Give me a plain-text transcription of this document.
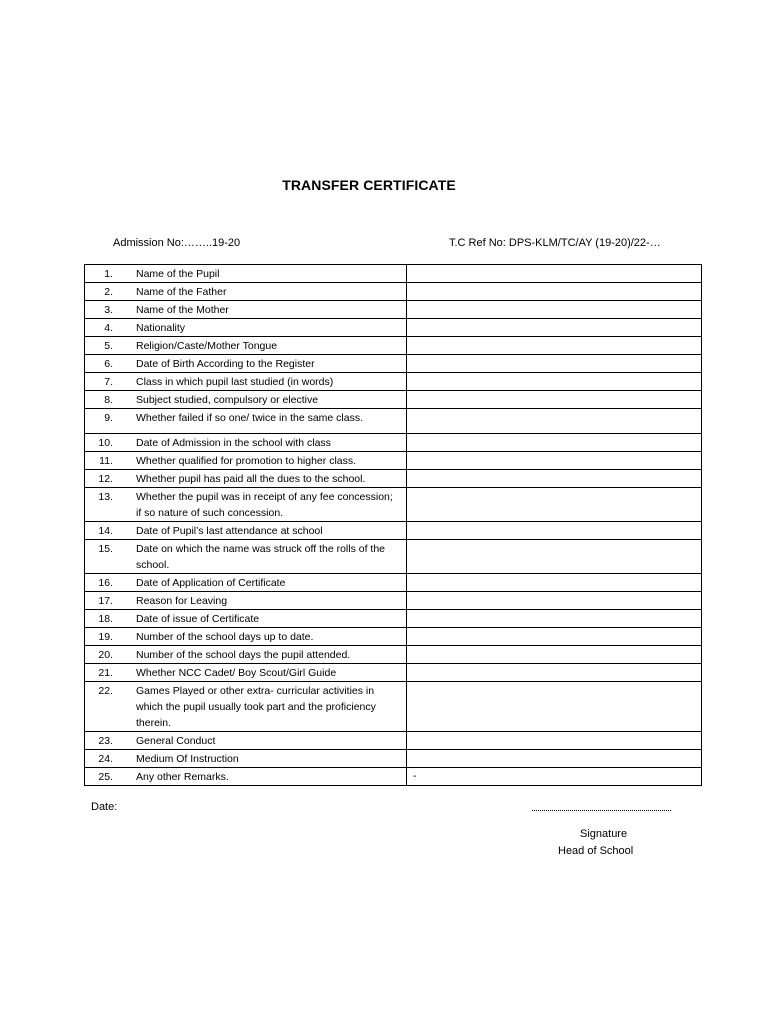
TRANSFER CERTIFICATE
Admission No:……..19-20	T.C Ref No: DPS-KLM/TC/AY (19-20)/22-…
1. Name of the Pupil	

2. Name of the Father	

3. Name of the Mother	

4. Nationality	

5. Religion/Caste/Mother Tongue	

6. Date of Birth According to the Register	

7. Class in which pupil last studied (in words)	

8. Subject studied, compulsory or elective	

9. Whether failed if so one/ twice in the same class.	

10. Date of Admission in the school with class	

11. Whether qualified for promotion to higher class.	

12. Whether pupil has paid all the dues to the school.	

13. Whether the pupil was in receipt of any fee concession; if so nature of such concession.	

14. Date of Pupil’s last attendance at school	

15. Date on which the name was struck off the rolls of the school.	

16. Date of Application of Certificate	

17. Reason for Leaving	

18. Date of issue of Certificate	

19. Number of the school days up to date.	

20. Number of the school days the pupil attended.	

21. Whether NCC Cadet/ Boy Scout/Girl Guide	

22. Games Played or other extra- curricular activities in which the pupil usually took part and the proficiency therein.	

23. General Conduct	

24. Medium Of Instruction	

25. Any other Remarks.	-
Date:
Signature
Head of School
